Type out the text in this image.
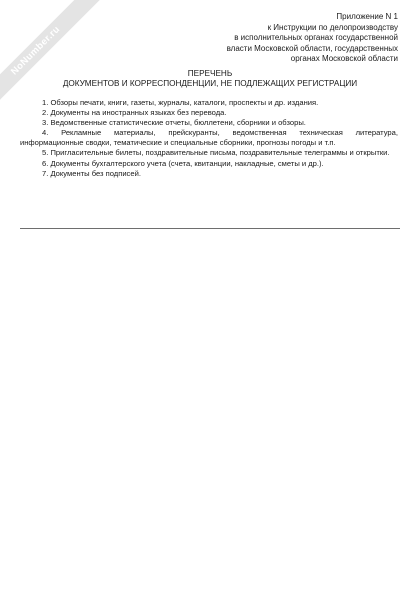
NoNumber.ru
Приложение N 1
к Инструкции по делопроизводству
в исполнительных органах государственной
власти Московской области, государственных
органах Московской области
ПЕРЕЧЕНЬ
ДОКУМЕНТОВ И КОРРЕСПОНДЕНЦИИ, НЕ ПОДЛЕЖАЩИХ РЕГИСТРАЦИИ
1. Обзоры печати, книги, газеты, журналы, каталоги, проспекты и др. издания.
2. Документы на иностранных языках без перевода.
3. Ведомственные статистические отчеты, бюллетени, сборники и обзоры.
4. Рекламные материалы, прейскуранты, ведомственная техническая литература, информационные сводки, тематические и специальные сборники, прогнозы погоды и т.п.
5. Пригласительные билеты, поздравительные письма, поздравительные телеграммы и открытки.
6. Документы бухгалтерского учета (счета, квитанции, накладные, сметы и др.).
7. Документы без подписей.
